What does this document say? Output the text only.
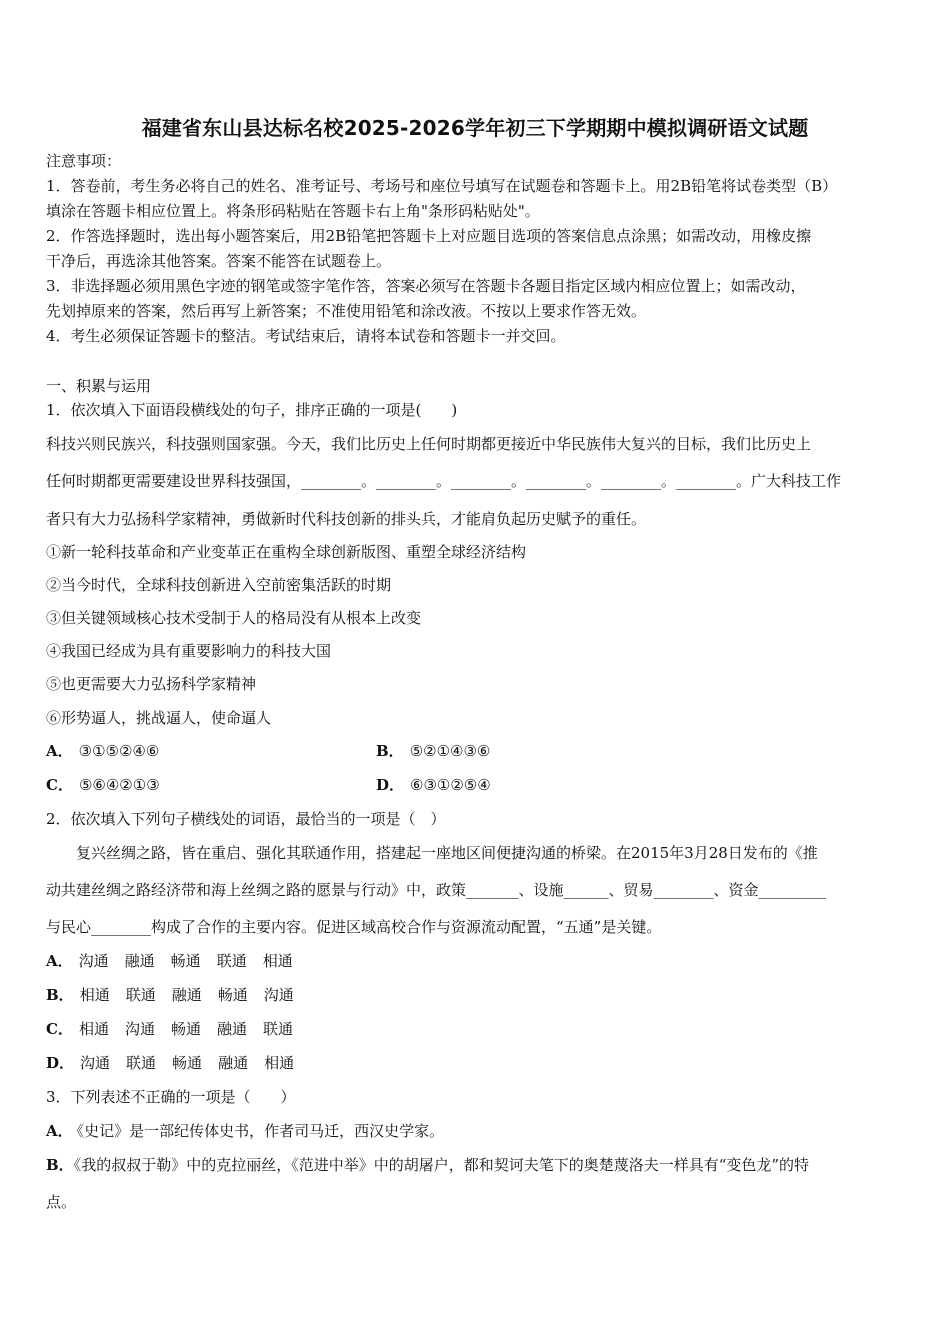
福建省东山县达标名校2025-2026学年初三下学期期中模拟调研语文试题
注意事项：
1．答卷前，考生务必将自己的姓名、准考证号、考场号和座位号填写在试题卷和答题卡上。用2B铅笔将试卷类型（B）
填涂在答题卡相应位置上。将条形码粘贴在答题卡右上角"条形码粘贴处"。
2．作答选择题时，选出每小题答案后，用2B铅笔把答题卡上对应题目选项的答案信息点涂黑；如需改动，用橡皮擦
干净后，再选涂其他答案。答案不能答在试题卷上。
3．非选择题必须用黑色字迹的钢笔或签字笔作答，答案必须写在答题卡各题目指定区域内相应位置上；如需改动，
先划掉原来的答案，然后再写上新答案；不准使用铅笔和涂改液。不按以上要求作答无效。
4．考生必须保证答题卡的整洁。考试结束后，请将本试卷和答题卡一并交回。
一、积累与运用
1．依次填入下面语段横线处的句子，排序正确的一项是(　　)
科技兴则民族兴，科技强则国家强。今天，我们比历史上任何时期都更接近中华民族伟大复兴的目标，我们比历史上
任何时期都更需要建设世界科技强国，________。________。________。________。________。________。广大科技工作
者只有大力弘扬科学家精神，勇做新时代科技创新的排头兵，才能肩负起历史赋予的重任。
①新一轮科技革命和产业变革正在重构全球创新版图、重塑全球经济结构
②当今时代，全球科技创新进入空前密集活跃的时期
③但关键领域核心技术受制于人的格局没有从根本上改变
④我国已经成为具有重要影响力的科技大国
⑤也更需要大力弘扬科学家精神
⑥形势逼人，挑战逼人，使命逼人
A． ③①⑤②④⑥	B． ⑤②①④③⑥
C． ⑤⑥④②①③	D． ⑥③①②⑤④
2．依次填入下列句子横线处的词语，最恰当的一项是（　）
　　复兴丝绸之路，皆在重启、强化其联通作用，搭建起一座地区间便捷沟通的桥梁。在2015年3月28日发布的《推
动共建丝绸之路经济带和海上丝绸之路的愿景与行动》中，政策_______、设施______、贸易________、资金_________
与民心________构成了合作的主要内容。促进区域高校合作与资源流动配置，“五通”是关键。
A． 沟通 融通 畅通 联通 相通
B． 相通 联通 融通 畅通 沟通
C． 相通 沟通 畅通 融通 联通
D． 沟通 联通 畅通 融通 相通
3．下列表述不正确的一项是（　　）
A． 《史记》是一部纪传体史书，作者司马迁，西汉史学家。
B．《我的叔叔于勒》中的克拉丽丝，《范进中举》中的胡屠户，都和契诃夫笔下的奥楚蔑洛夫一样具有“变色龙”的特
点。
